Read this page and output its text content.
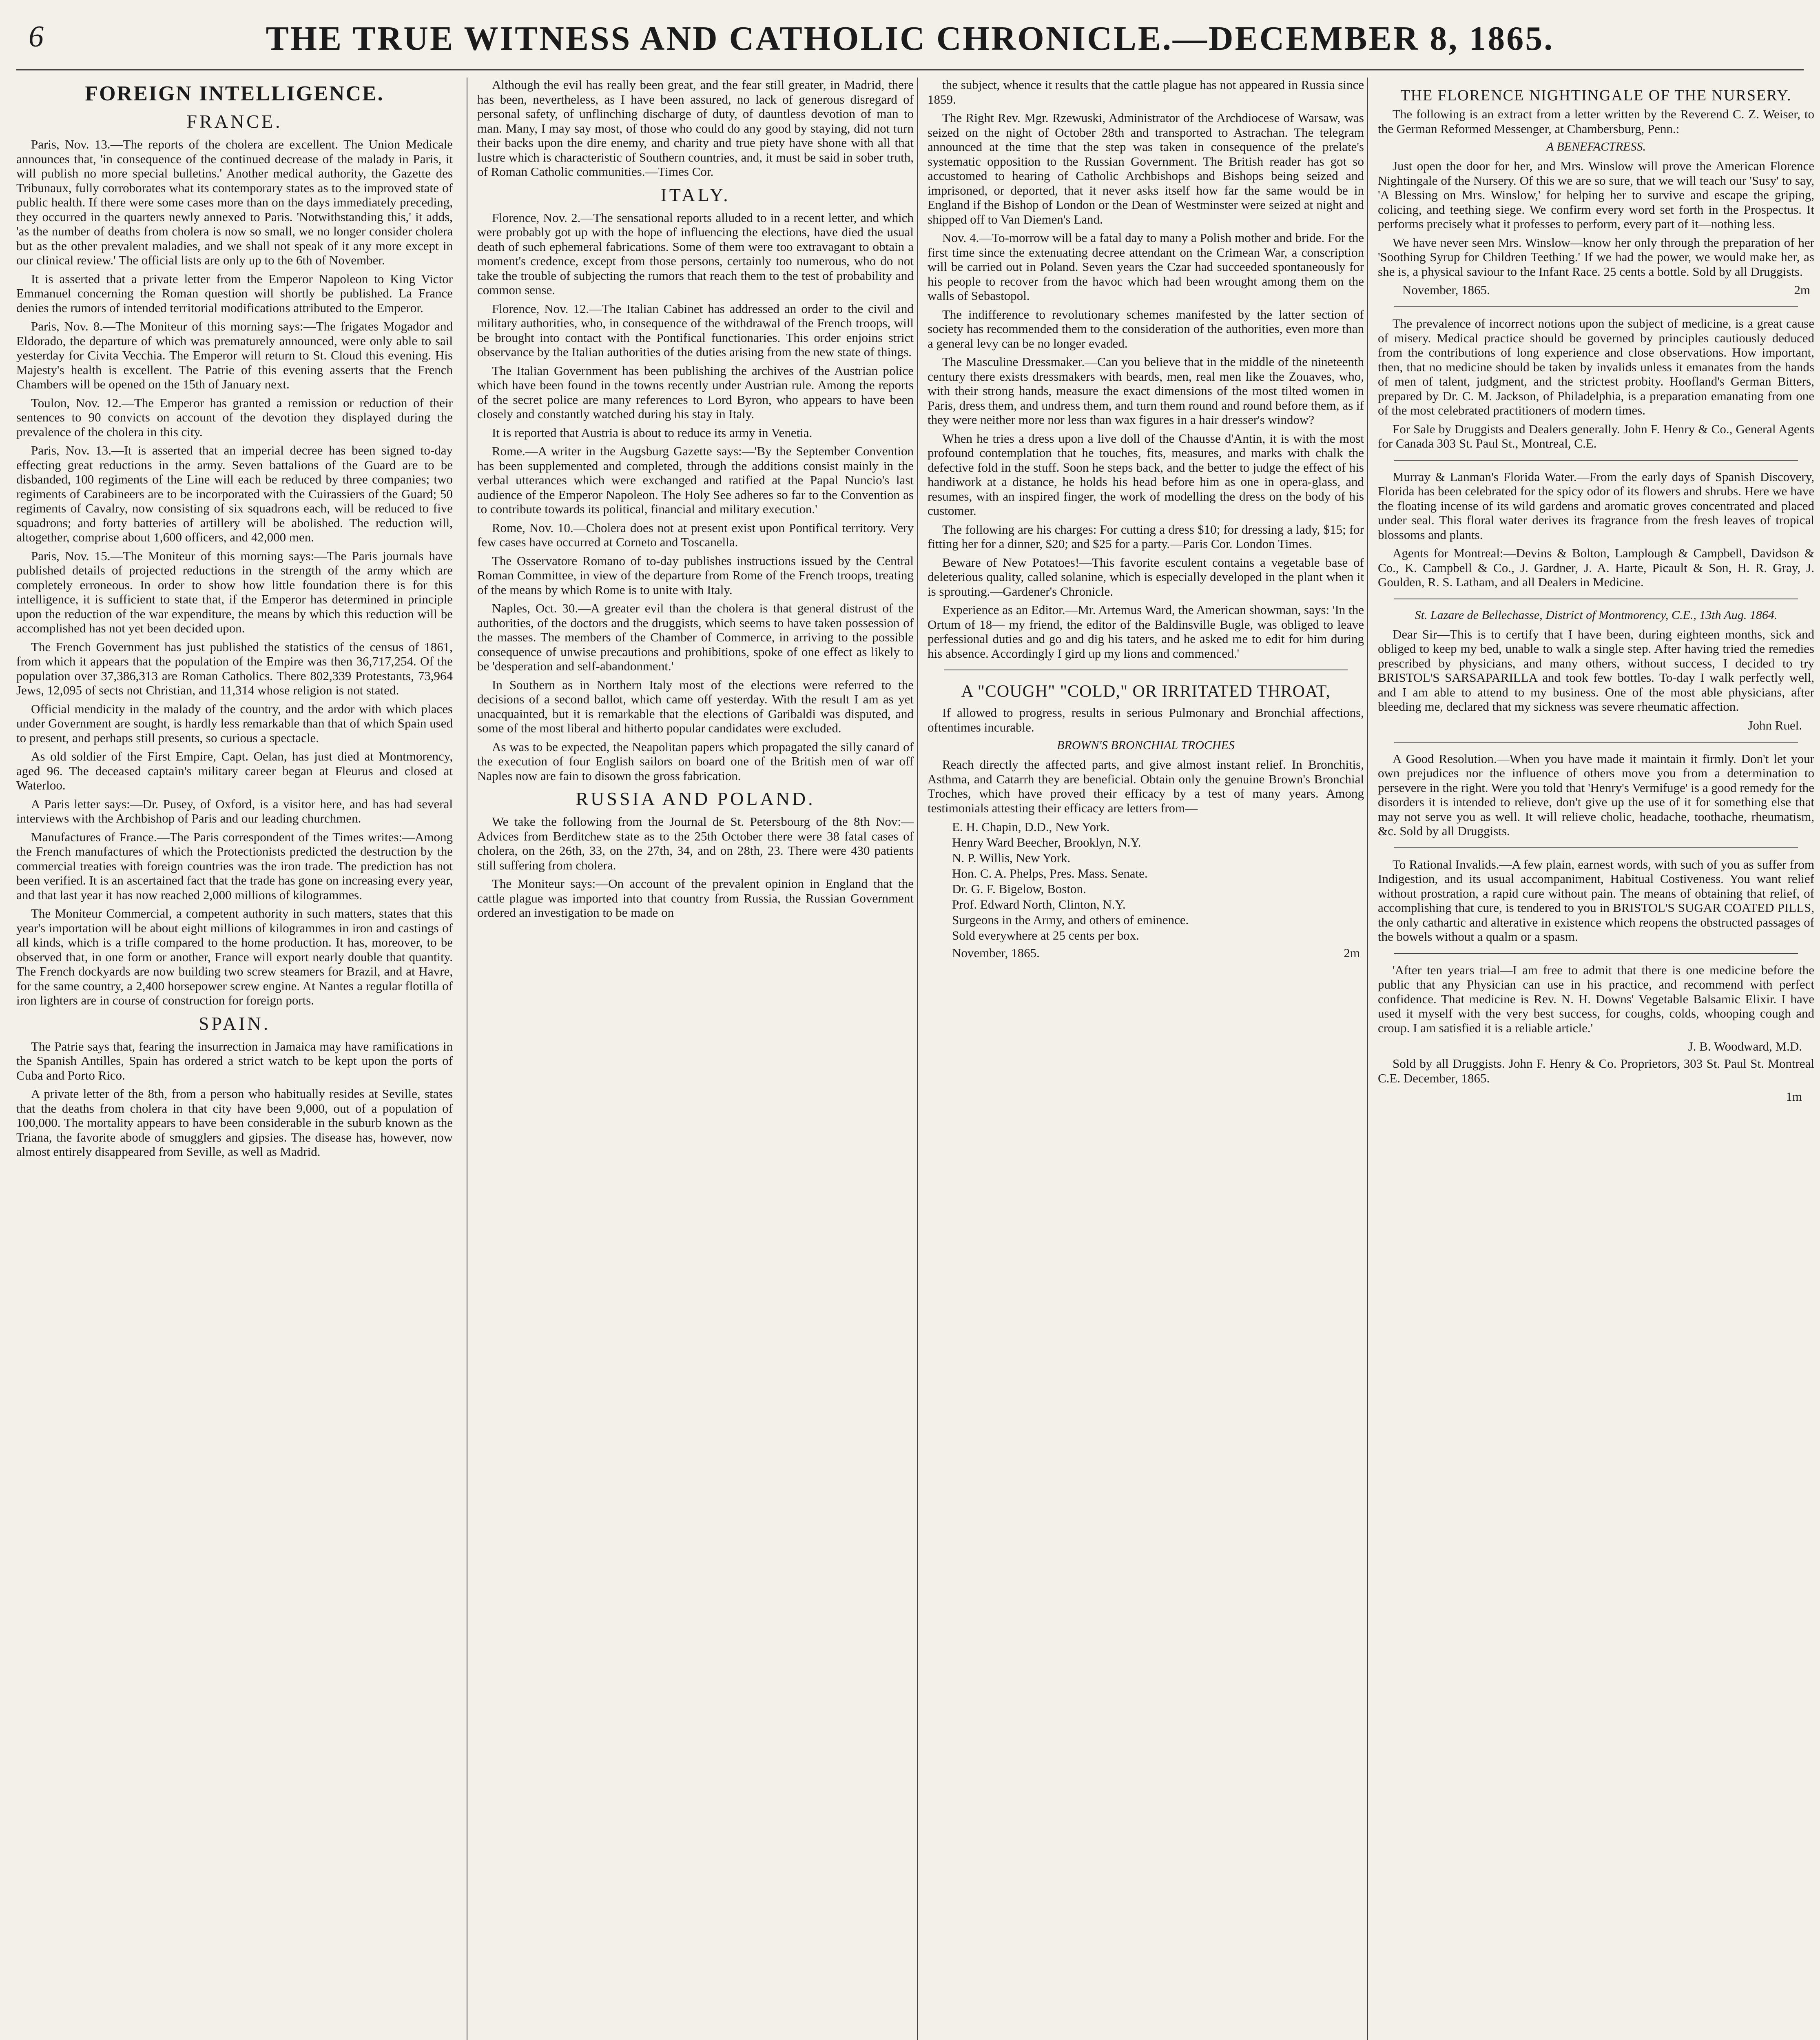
6	THE TRUE WITNESS AND CATHOLIC CHRONICLE.—DECEMBER 8, 1865.
FOREIGN INTELLIGENCE.
FRANCE.

Paris, Nov. 13.—The reports of the cholera are excellent. The Union Medicale announces that, 'in consequence of the continued decrease of the malady in Paris, it will publish no more special bulletins.' Another medical authority, the Gazette des Tribunaux, fully corroborates what its contemporary states as to the improved state of public health. If there were some cases more than on the days immediately preceding, they occurred in the quarters newly annexed to Paris. 'Notwithstanding this,' it adds, 'as the number of deaths from cholera is now so small, we no longer consider cholera but as the other prevalent maladies, and we shall not speak of it any more except in our clinical review.' The official lists are only up to the 6th of November.

It is asserted that a private letter from the Emperor Napoleon to King Victor Emmanuel concerning the Roman question will shortly be published. La France denies the rumors of intended territorial modifications attributed to the Emperor.

Paris, Nov. 8.—The Moniteur of this morning says:—The frigates Mogador and Eldorado, the departure of which was prematurely announced, were only able to sail yesterday for Civita Vecchia. The Emperor will return to St. Cloud this evening. His Majesty's health is excellent. The Patrie of this evening asserts that the French Chambers will be opened on the 15th of January next.

Toulon, Nov. 12.—The Emperor has granted a remission or reduction of their sentences to 90 convicts on account of the devotion they displayed during the prevalence of the cholera in this city.

Paris, Nov. 13.—It is asserted that an imperial decree has been signed to-day effecting great reductions in the army. Seven battalions of the Guard are to be disbanded, 100 regiments of the Line will each be reduced by three companies; two regiments of Carabineers are to be incorporated with the Cuirassiers of the Guard; 50 regiments of Cavalry, now consisting of six squadrons each, will be reduced to five squadrons; and forty batteries of artillery will be abolished. The reduction will, altogether, comprise about 1,600 officers, and 42,000 men.

Paris, Nov. 15.—The Moniteur of this morning says:—The Paris journals have published details of projected reductions in the strength of the army which are completely erroneous. In order to show how little foundation there is for this intelligence, it is sufficient to state that, if the Emperor has determined in principle upon the reduction of the war expenditure, the means by which this reduction will be accomplished has not yet been decided upon.

The French Government has just published the statistics of the census of 1861, from which it appears that the population of the Empire was then 36,717,254. Of the population over 37,386,313 are Roman Catholics. There 802,339 Protestants, 73,964 Jews, 12,095 of sects not Christian, and 11,314 whose religion is not stated.

Official mendicity in the malady of the country, and the ardor with which places under Government are sought, is hardly less remarkable than that of which Spain used to present, and perhaps still presents, so curious a spectacle.

As old soldier of the First Empire, Capt. Oelan, has just died at Montmorency, aged 96. The deceased captain's military career began at Fleurus and closed at Waterloo.

A Paris letter says:—Dr. Pusey, of Oxford, is a visitor here, and has had several interviews with the Archbishop of Paris and our leading churchmen.

Manufactures of France.—The Paris correspondent of the Times writes:—Among the French manufactures of which the Protectionists predicted the destruction by the commercial treaties with foreign countries was the iron trade. The prediction has not been verified. It is an ascertained fact that the trade has gone on increasing every year, and that last year it has now reached 2,000 millions of kilogrammes.

The Moniteur Commercial, a competent authority in such matters, states that this year's importation will be about eight millions of kilogrammes in iron and castings of all kinds, which is a trifle compared to the home production. It has, moreover, to be observed that, in one form or another, France will export nearly double that quantity. The French dockyards are now building two screw steamers for Brazil, and at Havre, for the same country, a 2,400 horsepower screw engine. At Nantes a regular flotilla of iron lighters are in course of construction for foreign ports.

SPAIN.

The Patrie says that, fearing the insurrection in Jamaica may have ramifications in the Spanish Antilles, Spain has ordered a strict watch to be kept upon the ports of Cuba and Porto Rico.

A private letter of the 8th, from a person who habitually resides at Seville, states that the deaths from cholera in that city have been 9,000, out of a population of 100,000. The mortality appears to have been considerable in the suburb known as the Triana, the favorite abode of smugglers and gipsies. The disease has, however, now almost entirely disappeared from Seville, as well as Madrid.

Although the evil has really been great, and the fear still greater, in Madrid, there has been, nevertheless, as I have been assured, no lack of generous disregard of personal safety, of unflinching discharge of duty, of dauntless devotion of man to man. Many, I may say most, of those who could do any good by staying, did not turn their backs upon the dire enemy, and charity and true piety have shone with all that lustre which is characteristic of Southern countries, and, it must be said in sober truth, of Roman Catholic communities.—Times Cor.

ITALY.

Florence, Nov. 2.—The sensational reports alluded to in a recent letter, and which were probably got up with the hope of influencing the elections, have died the usual death of such ephemeral fabrications. Some of them were too extravagant to obtain a moment's credence, except from those persons, certainly too numerous, who do not take the trouble of subjecting the rumors that reach them to the test of probability and common sense.

Florence, Nov. 12.—The Italian Cabinet has addressed an order to the civil and military authorities, who, in consequence of the withdrawal of the French troops, will be brought into contact with the Pontifical functionaries. This order enjoins strict observance by the Italian authorities of the duties arising from the new state of things.

The Italian Government has been publishing the archives of the Austrian police which have been found in the towns recently under Austrian rule. Among the reports of the secret police are many references to Lord Byron, who appears to have been closely and constantly watched during his stay in Italy.

It is reported that Austria is about to reduce its army in Venetia.

Rome.—A writer in the Augsburg Gazette says:—'By the September Convention has been supplemented and completed, through the additions consist mainly in the verbal utterances which were exchanged and ratified at the Papal Nuncio's last audience of the Emperor Napoleon. The Holy See adheres so far to the Convention as to contribute towards its political, financial and military execution.'

Rome, Nov. 10.—Cholera does not at present exist upon Pontifical territory. Very few cases have occurred at Corneto and Toscanella.

The Osservatore Romano of to-day publishes instructions issued by the Central Roman Committee, in view of the departure from Rome of the French troops, treating of the means by which Rome is to unite with Italy.

Naples, Oct. 30.—A greater evil than the cholera is that general distrust of the authorities, of the doctors and the druggists, which seems to have taken possession of the masses. The members of the Chamber of Commerce, in arriving to the possible consequence of unwise precautions and prohibitions, spoke of one effect as likely to be 'desperation and self-abandonment.'

In Southern as in Northern Italy most of the elections were referred to the decisions of a second ballot, which came off yesterday. With the result I am as yet unacquainted, but it is remarkable that the elections of Garibaldi was disputed, and some of the most liberal and hitherto popular candidates were excluded.

As was to be expected, the Neapolitan papers which propagated the silly canard of the execution of four English sailors on board one of the British men of war off Naples now are fain to disown the gross fabrication.

RUSSIA AND POLAND.

We take the following from the Journal de St. Petersbourg of the 8th Nov:—Advices from Berditchew state as to the 25th October there were 38 fatal cases of cholera, on the 26th, 33, on the 27th, 34, and on 28th, 23. There were 430 patients still suffering from cholera.

The Moniteur says:—On account of the prevalent opinion in England that the cattle plague was imported into that country from Russia, the Russian Government ordered an investigation to be made on

the subject, whence it results that the cattle plague has not appeared in Russia since 1859.

The Right Rev. Mgr. Rzewuski, Administrator of the Archdiocese of Warsaw, was seized on the night of October 28th and transported to Astrachan. The telegram announced at the time that the step was taken in consequence of the prelate's systematic opposition to the Russian Government. The British reader has got so accustomed to hearing of Catholic Archbishops and Bishops being seized and imprisoned, or deported, that it never asks itself how far the same would be in England if the Bishop of London or the Dean of Westminster were seized at night and shipped off to Van Diemen's Land.

Nov. 4.—To-morrow will be a fatal day to many a Polish mother and bride. For the first time since the extenuating decree attendant on the Crimean War, a conscription will be carried out in Poland. Seven years the Czar had succeeded spontaneously for his people to recover from the havoc which had been wrought among them on the walls of Sebastopol.

The indifference to revolutionary schemes manifested by the latter section of society has recommended them to the consideration of the authorities, even more than a general levy can be no longer evaded.

The Masculine Dressmaker.—Can you believe that in the middle of the nineteenth century there exists dressmakers with beards, men, real men like the Zouaves, who, with their strong hands, measure the exact dimensions of the most tilted women in Paris, dress them, and undress them, and turn them round and round before them, as if they were neither more nor less than wax figures in a hair dresser's window?

When he tries a dress upon a live doll of the Chausse d'Antin, it is with the most profound contemplation that he touches, fits, measures, and marks with chalk the defective fold in the stuff. Soon he steps back, and the better to judge the effect of his handiwork at a distance, he holds his head before him as one in opera-glass, and resumes, with an inspired finger, the work of modelling the dress on the body of his customer.

The following are his charges: For cutting a dress $10; for dressing a lady, $15; for fitting her for a dinner, $20; and $25 for a party.—Paris Cor. London Times.

Beware of New Potatoes!—This favorite esculent contains a vegetable base of deleterious quality, called solanine, which is especially developed in the plant when it is sprouting.—Gardener's Chronicle.

Experience as an Editor.—Mr. Artemus Ward, the American showman, says: 'In the Ortum of 18— my friend, the editor of the Baldinsville Bugle, was obliged to leave perfessional duties and go and dig his taters, and he asked me to edit for him during his absence. Accordingly I gird up my lions and commenced.'

A "COUGH" "COLD," OR IRRITATED THROAT,

If allowed to progress, results in serious Pulmonary and Bronchial affections, oftentimes incurable.

BROWN'S BRONCHIAL TROCHES

Reach directly the affected parts, and give almost instant relief. In Bronchitis, Asthma, and Catarrh they are beneficial. Obtain only the genuine Brown's Bronchial Troches, which have proved their efficacy by a test of many years. Among testimonials attesting their efficacy are letters from—

E. H. Chapin, D.D., New York.
Henry Ward Beecher, Brooklyn, N.Y.
N. P. Willis, New York.
Hon. C. A. Phelps, Pres. Mass. Senate.
Dr. G. F. Bigelow, Boston.
Prof. Edward North, Clinton, N.Y.
Surgeons in the Army, and others of eminence.
Sold everywhere at 25 cents per box.
November, 1865.	2m
THE FLORENCE NIGHTINGALE OF THE NURSERY.

The following is an extract from a letter written by the Reverend C. Z. Weiser, to the German Reformed Messenger, at Chambersburg, Penn.:

A BENEFACTRESS.

Just open the door for her, and Mrs. Winslow will prove the American Florence Nightingale of the Nursery. Of this we are so sure, that we will teach our 'Susy' to say, 'A Blessing on Mrs. Winslow,' for helping her to survive and escape the griping, colicing, and teething siege. We confirm every word set forth in the Prospectus. It performs precisely what it professes to perform, every part of it—nothing less.

We have never seen Mrs. Winslow—know her only through the preparation of her 'Soothing Syrup for Children Teething.' If we had the power, we would make her, as she is, a physical saviour to the Infant Race. 25 cents a bottle. Sold by all Druggists.

November, 1865.	2m

The prevalence of incorrect notions upon the subject of medicine, is a great cause of misery. Medical practice should be governed by principles cautiously deduced from the contributions of long experience and close observations. How important, then, that no medicine should be taken by invalids unless it emanates from the hands of men of talent, judgment, and the strictest probity. Hoofland's German Bitters, prepared by Dr. C. M. Jackson, of Philadelphia, is a preparation emanating from one of the most celebrated practitioners of modern times.

For Sale by Druggists and Dealers generally. John F. Henry & Co., General Agents for Canada 303 St. Paul St., Montreal, C.E.

Murray & Lanman's Florida Water.—From the early days of Spanish Discovery, Florida has been celebrated for the spicy odor of its flowers and shrubs. Here we have the floating incense of its wild gardens and aromatic groves concentrated and placed under seal. This floral water derives its fragrance from the fresh leaves of tropical blossoms and plants.

Agents for Montreal:—Devins & Bolton, Lamplough & Campbell, Davidson & Co., K. Campbell & Co., J. Gardner, J. A. Harte, Picault & Son, H. R. Gray, J. Goulden, R. S. Latham, and all Dealers in Medicine.

St. Lazare de Bellechasse, District of Montmorency, C.E., 13th Aug. 1864.

Dear Sir—This is to certify that I have been, during eighteen months, sick and obliged to keep my bed, unable to walk a single step. After having tried the remedies prescribed by physicians, and many others, without success, I decided to try BRISTOL'S SARSAPARILLA and took few bottles. To-day I walk perfectly well, and I am able to attend to my business. One of the most able physicians, after bleeding me, declared that my sickness was severe rheumatic affection.

John Ruel.

A Good Resolution.—When you have made it maintain it firmly. Don't let your own prejudices nor the influence of others move you from a determination to persevere in the right. Were you told that 'Henry's Vermifuge' is a good remedy for the disorders it is intended to relieve, don't give up the use of it for something else that may not serve you as well. It will relieve cholic, headache, toothache, rheumatism, &c. Sold by all Druggists.

To Rational Invalids.—A few plain, earnest words, with such of you as suffer from Indigestion, and its usual accompaniment, Habitual Costiveness. You want relief without prostration, a rapid cure without pain. The means of obtaining that relief, of accomplishing that cure, is tendered to you in BRISTOL'S SUGAR COATED PILLS, the only cathartic and alterative in existence which reopens the obstructed passages of the bowels without a qualm or a spasm.

'After ten years trial—I am free to admit that there is one medicine before the public that any Physician can use in his practice, and recommend with perfect confidence. That medicine is Rev. N. H. Downs' Vegetable Balsamic Elixir. I have used it myself with the very best success, for coughs, colds, whooping cough and croup. I am satisfied it is a reliable article.'

J. B. Woodward, M.D.

Sold by all Druggists. John F. Henry & Co. Proprietors, 303 St. Paul St. Montreal C.E. December, 1865.

1m
